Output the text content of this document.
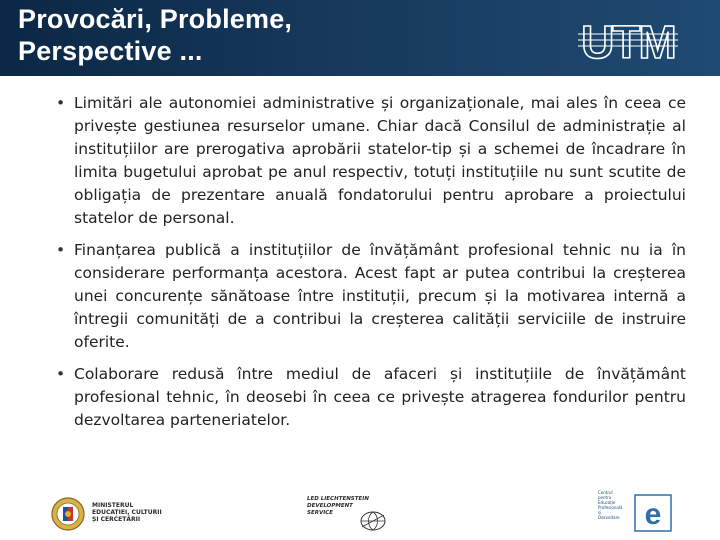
Provocări, Probleme,
Perspective ...	UTM
• Limitări ale autonomiei administrative și organizaționale, mai ales în ceea ce privește gestiunea resurselor umane. Chiar dacă Consilul de administrație al instituțiilor are prerogativa aprobării statelor-tip și a schemei de încadrare în limita bugetului aprobat pe anul respectiv, totuți instituțiile nu sunt scutite de obligația de prezentare anuală fondatorului pentru aprobare a proiectului statelor de personal.
• Finanțarea publică a instituțiilor de învățământ profesional tehnic nu ia în considerare performanța acestora. Acest fapt ar putea contribui la creșterea unei concurențe sănătoase între instituții, precum și la motivarea internă a întregii comunități de a contribui la creșterea calității serviciile de instruire oferite.
• Colaborare redusă între mediul de afaceri și instituțiile de învățământ profesional tehnic, în deosebi în ceea ce privește atragerea fondurilor pentru dezvoltarea parteneriatelor.
MINISTERUL
EDUCAȚIEI, CULTURII
ȘI CERCETĂRII
LED LIECHTENSTEIN
DEVELOPMENT
SERVICE
Centrul
pentru
Educație
Profesională
și
Dezvoltare e
